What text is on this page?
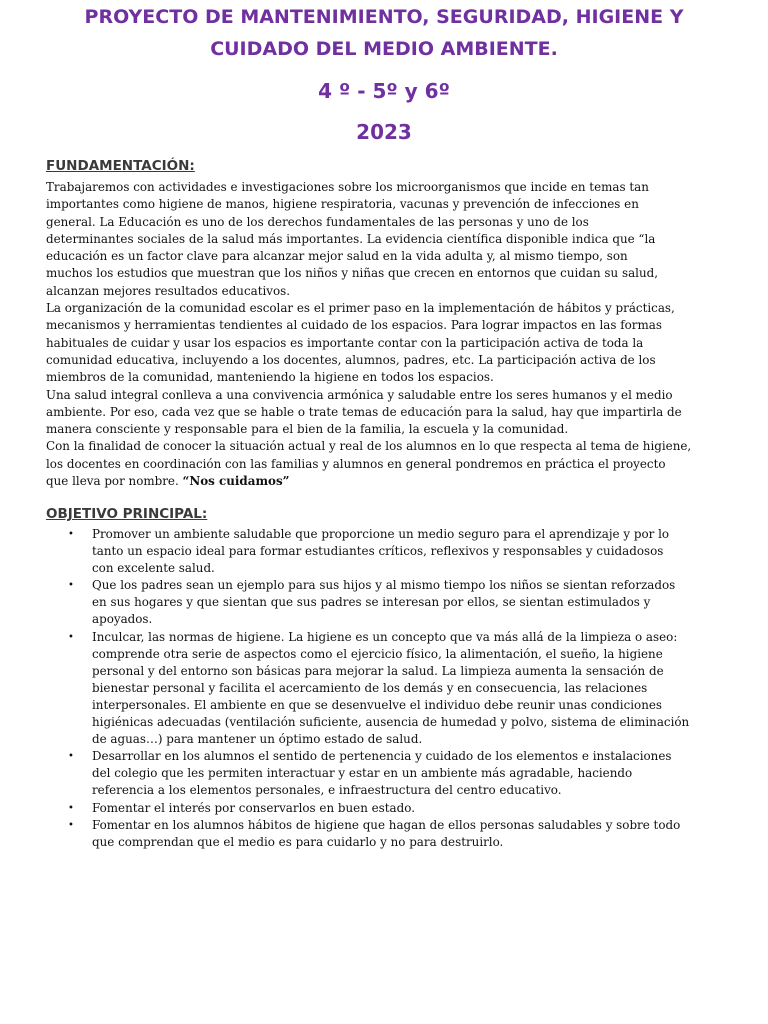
PROYECTO DE MANTENIMIENTO, SEGURIDAD, HIGIENE Y
CUIDADO DEL MEDIO AMBIENTE.
4 º - 5º y 6º
2023
FUNDAMENTACIÓN:
Trabajaremos con actividades e investigaciones sobre los microorganismos que incide en temas tan
importantes como higiene de manos, higiene respiratoria, vacunas y prevención de infecciones en
general. La Educación es uno de los derechos fundamentales de las personas y uno de los
determinantes sociales de la salud más importantes. La evidencia científica disponible indica que “la
educación es un factor clave para alcanzar mejor salud en la vida adulta y, al mismo tiempo, son
muchos los estudios que muestran que los niños y niñas que crecen en entornos que cuidan su salud,
alcanzan mejores resultados educativos.
La organización de la comunidad escolar es el primer paso en la implementación de hábitos y prácticas,
mecanismos y herramientas tendientes al cuidado de los espacios. Para lograr impactos en las formas
habituales de cuidar y usar los espacios es importante contar con la participación activa de toda la
comunidad educativa, incluyendo a los docentes, alumnos, padres, etc. La participación activa de los
miembros de la comunidad, manteniendo la higiene en todos los espacios.
Una salud integral conlleva a una convivencia armónica y saludable entre los seres humanos y el medio
ambiente. Por eso, cada vez que se hable o trate temas de educación para la salud, hay que impartirla de
manera consciente y responsable para el bien de la familia, la escuela y la comunidad.
Con la finalidad de conocer la situación actual y real de los alumnos en lo que respecta al tema de higiene,
los docentes en coordinación con las familias y alumnos en general pondremos en práctica el proyecto
que lleva por nombre. “Nos cuidamos”
OBJETIVO PRINCIPAL:
• Promover un ambiente saludable que proporcione un medio seguro para el aprendizaje y por lo
tanto un espacio ideal para formar estudiantes críticos, reflexivos y responsables y cuidadosos
con excelente salud.
• Que los padres sean un ejemplo para sus hijos y al mismo tiempo los niños se sientan reforzados
en sus hogares y que sientan que sus padres se interesan por ellos, se sientan estimulados y
apoyados.
• Inculcar, las normas de higiene. La higiene es un concepto que va más allá de la limpieza o aseo:
comprende otra serie de aspectos como el ejercicio físico, la alimentación, el sueño, la higiene
personal y del entorno son básicas para mejorar la salud. La limpieza aumenta la sensación de
bienestar personal y facilita el acercamiento de los demás y en consecuencia, las relaciones
interpersonales. El ambiente en que se desenvuelve el individuo debe reunir unas condiciones
higiénicas adecuadas (ventilación suficiente, ausencia de humedad y polvo, sistema de eliminación
de aguas…) para mantener un óptimo estado de salud.
• Desarrollar en los alumnos el sentido de pertenencia y cuidado de los elementos e instalaciones
del colegio que les permiten interactuar y estar en un ambiente más agradable, haciendo
referencia a los elementos personales, e infraestructura del centro educativo.
• Fomentar el interés por conservarlos en buen estado.
• Fomentar en los alumnos hábitos de higiene que hagan de ellos personas saludables y sobre todo
que comprendan que el medio es para cuidarlo y no para destruirlo.
